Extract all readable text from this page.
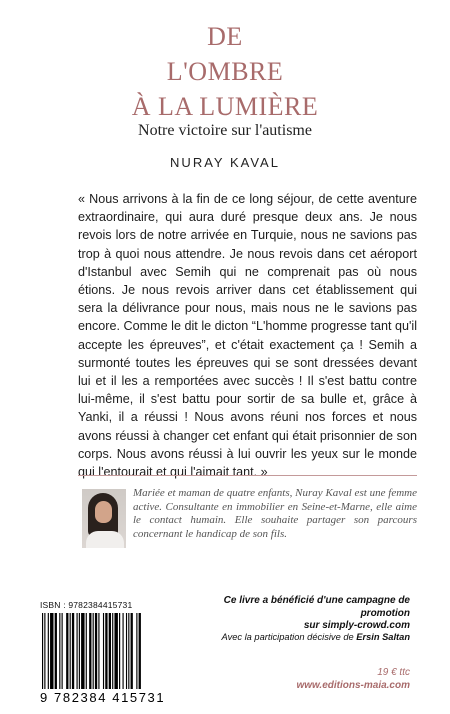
DE
L'OMBRE
À LA LUMIÈRE
Notre victoire sur l'autisme
NURAY KAVAL
« Nous arrivons à la fin de ce long séjour, de cette aventure extraordinaire, qui aura duré presque deux ans. Je nous revois lors de notre arrivée en Turquie, nous ne savions pas trop à quoi nous attendre. Je nous revois dans cet aéroport d'Istanbul avec Semih qui ne comprenait pas où nous étions. Je nous revois arriver dans cet établissement qui sera la délivrance pour nous, mais nous ne le savions pas encore. Comme le dit le dicton “L'homme progresse tant qu'il accepte les épreuves”, et c'était exactement ça ! Semih a surmonté toutes les épreuves qui se sont dressées devant lui et il les a remportées avec succès ! Il s'est battu contre lui-même, il s'est battu pour sortir de sa bulle et, grâce à Yanki, il a réussi ! Nous avons réuni nos forces et nous avons réussi à changer cet enfant qui était prisonnier de son corps. Nous avons réussi à lui ouvrir les yeux sur le monde qui l'entourait et qui l'aimait tant. »
Mariée et maman de quatre enfants, Nuray Kaval est une femme active. Consultante en immobilier en Seine-et-Marne, elle aime le contact humain. Elle souhaite partager son parcours concernant le handicap de son fils.
ISBN : 9782384415731
9 782384 415731
Ce livre a bénéficié d'une campagne de promotion
sur simply-crowd.com
Avec la participation décisive de Ersin Saltan
19 € ttc
www.editions-maia.com
